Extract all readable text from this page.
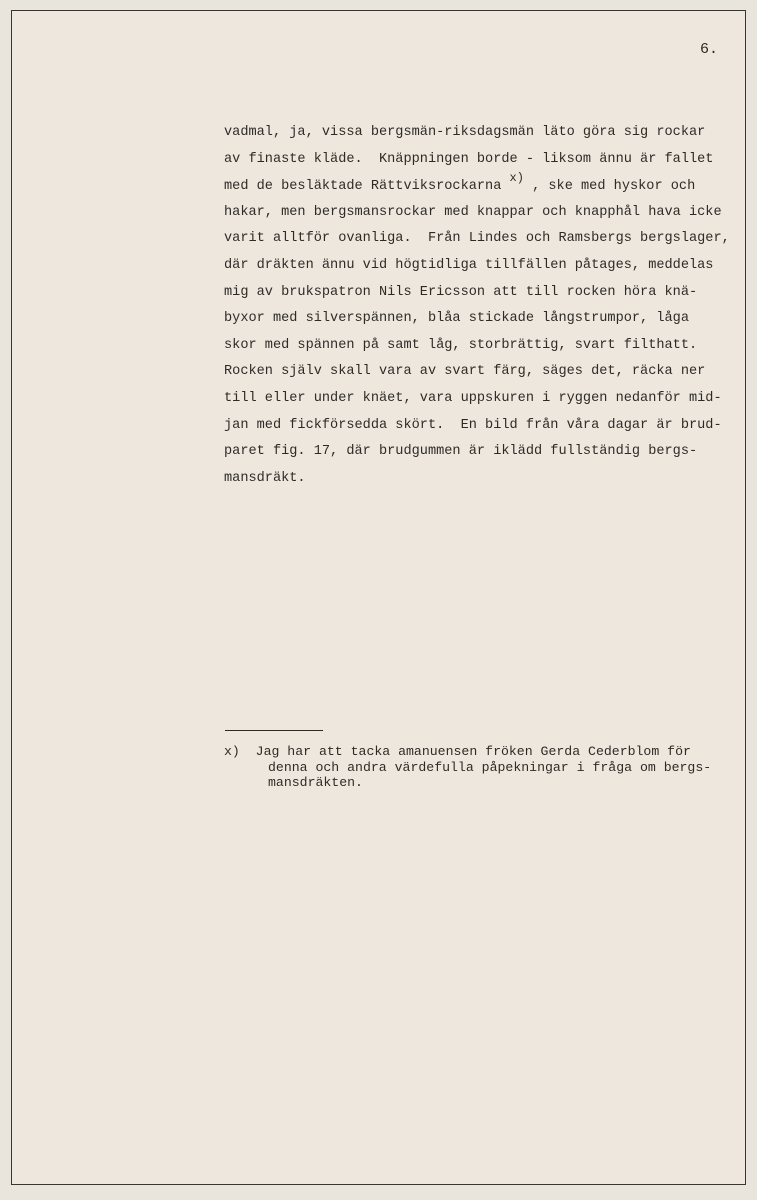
6.
vadmal, ja, vissa bergsmän-riksdagsmän läto göra sig rockar
av finaste kläde.  Knäppningen borde - liksom ännu är fallet
med de besläktade Rättviksrockarna x) , ske med hyskor och
hakar, men bergsmansrockar med knappar och knapphål hava icke
varit alltför ovanliga.  Från Lindes och Ramsbergs bergslager,
där dräkten ännu vid högtidliga tillfällen påtages, meddelas
mig av brukspatron Nils Ericsson att till rocken höra knä-
byxor med silverspännen, blåa stickade långstrumpor, låga
skor med spännen på samt låg, storbrättig, svart filthatt.
Rocken själv skall vara av svart färg, säges det, räcka ner
till eller under knäet, vara uppskuren i ryggen nedanför mid-
jan med fickförsedda skört.  En bild från våra dagar är brud-
paret fig. 17, där brudgummen är iklädd fullständig bergs-
mansdräkt.
x) Jag har att tacka amanuensen fröken Gerda Cederblom för
denna och andra värdefulla påpekningar i fråga om bergs-
mansdräkten.
